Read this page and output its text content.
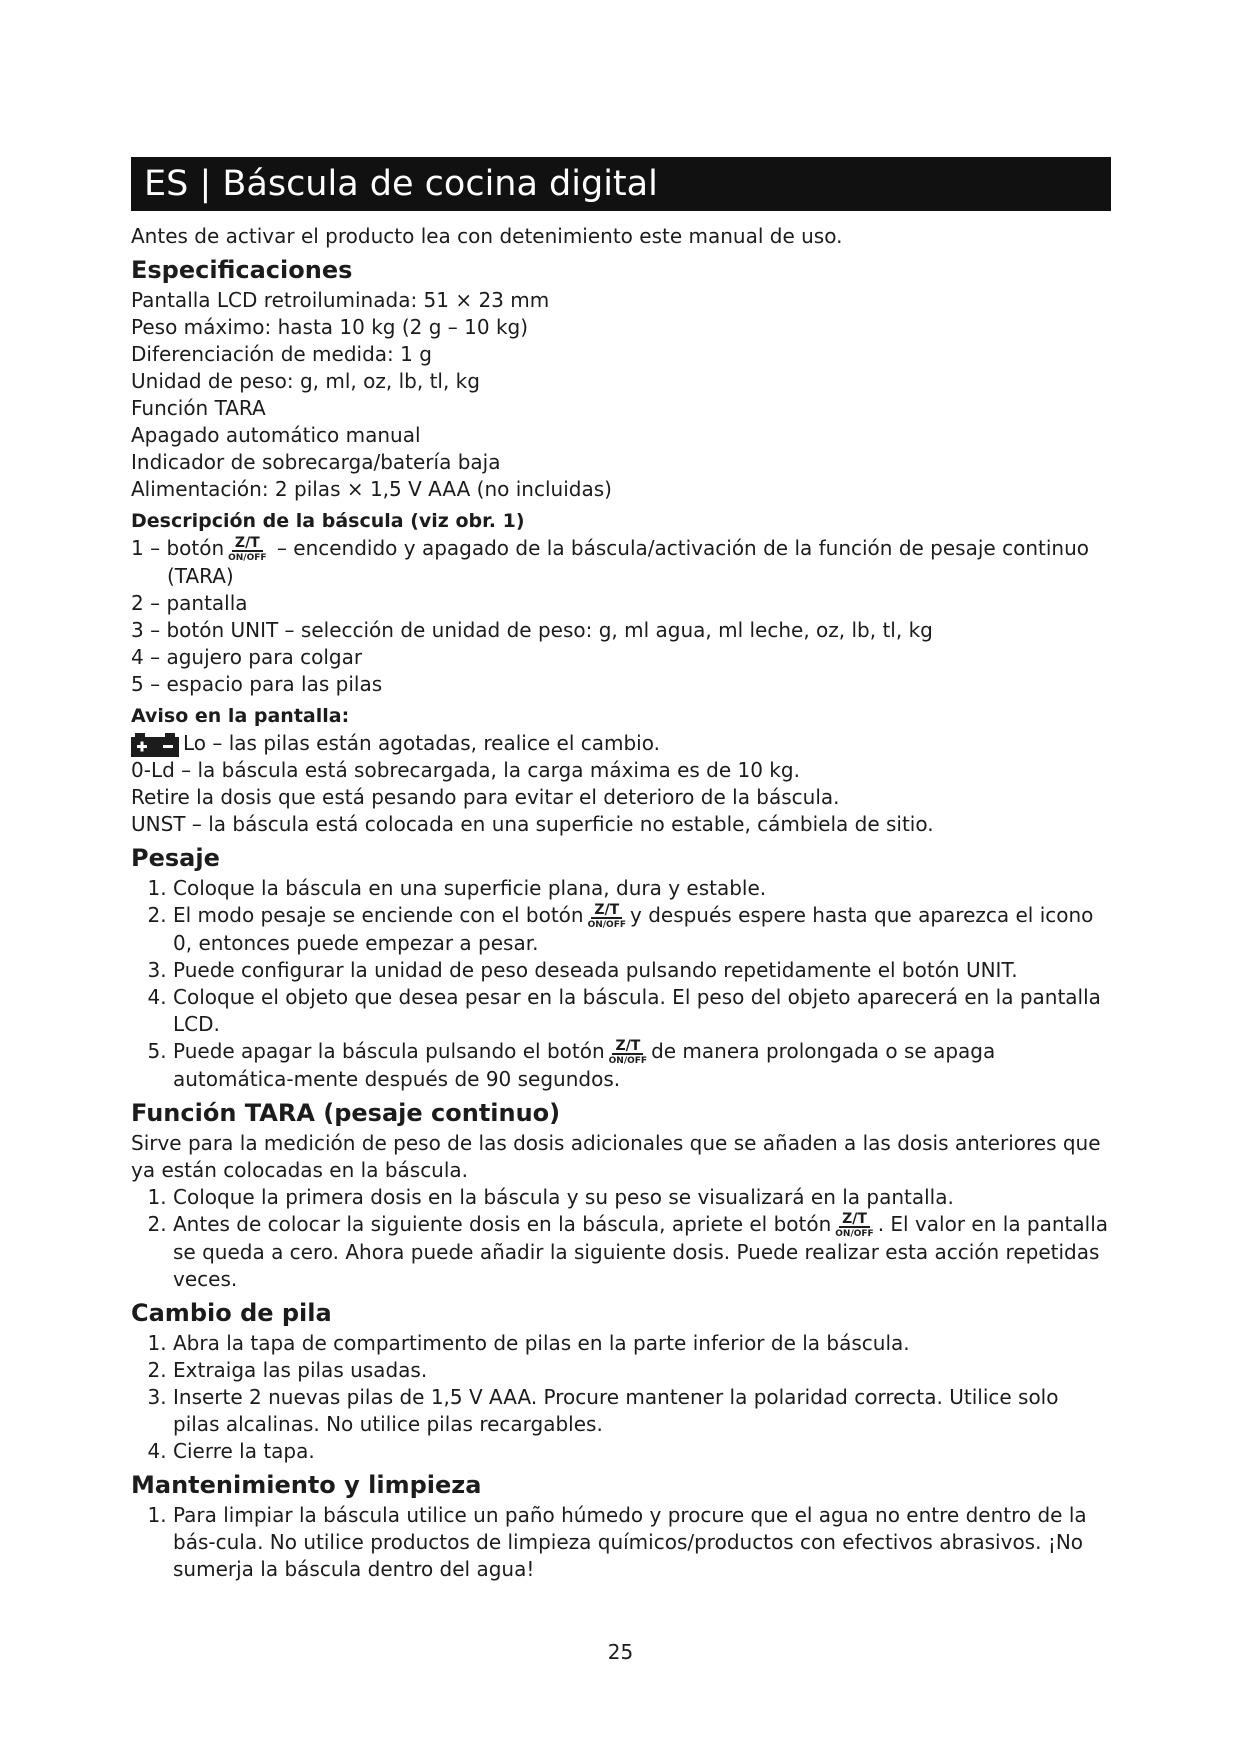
ES | Báscula de cocina digital

Antes de activar el producto lea con detenimiento este manual de uso.

Especificaciones

Pantalla LCD retroiluminada: 51 × 23 mm

Peso máximo: hasta 10 kg (2 g – 10 kg)

Diferenciación de medida: 1 g

Unidad de peso: g, ml, oz, lb, tl, kg

Función TARA

Apagado automático manual

Indicador de sobrecarga/batería baja

Alimentación: 2 pilas × 1,5 V AAA (no incluidas)

Descripción de la báscula (viz obr. 1)

1 – botón Z/T
ON/OFF – encendido y apagado de la báscula/activación de la función de pesaje continuo

(TARA)

2 – pantalla

3 – botón UNIT – selección de unidad de peso: g, ml agua, ml leche, oz, lb, tl, kg

4 – agujero para colgar

5 – espacio para las pilas

Aviso en la pantalla:

Lo – las pilas están agotadas, realice el cambio.

0-Ld – la báscula está sobrecargada, la carga máxima es de 10 kg.

Retire la dosis que está pesando para evitar el deterioro de la báscula.

UNST – la báscula está colocada en una superficie no estable, cámbiela de sitio.

Pesaje
1. Coloque la báscula en una superficie plana, dura y estable.
2. El modo pesaje se enciende con el botón Z/T
ON/OFF y después espere hasta que aparezca el icono 0, entonces puede empezar a pesar.
3. Puede configurar la unidad de peso deseada pulsando repetidamente el botón UNIT.
4. Coloque el objeto que desea pesar en la báscula. El peso del objeto aparecerá en la pantalla LCD.
5. Puede apagar la báscula pulsando el botón Z/T
ON/OFF de manera prolongada o se apaga automática-mente después de 90 segundos.
Función TARA (pesaje continuo)

Sirve para la medición de peso de las dosis adicionales que se añaden a las dosis anteriores que ya están colocadas en la báscula.

1. Coloque la primera dosis en la báscula y su peso se visualizará en la pantalla.
2. Antes de colocar la siguiente dosis en la báscula, apriete el botón Z/T
ON/OFF . El valor en la pantalla se queda a cero. Ahora puede añadir la siguiente dosis. Puede realizar esta acción repetidas veces.
Cambio de pila
1. Abra la tapa de compartimento de pilas en la parte inferior de la báscula.
2. Extraiga las pilas usadas.
3. Inserte 2 nuevas pilas de 1,5 V AAA. Procure mantener la polaridad correcta. Utilice solo pilas alcalinas. No utilice pilas recargables.
4. Cierre la tapa.
Mantenimiento y limpieza
1. Para limpiar la báscula utilice un paño húmedo y procure que el agua no entre dentro de la bás-cula. No utilice productos de limpieza químicos/productos con efectivos abrasivos. ¡No sumerja la báscula dentro del agua!
25
